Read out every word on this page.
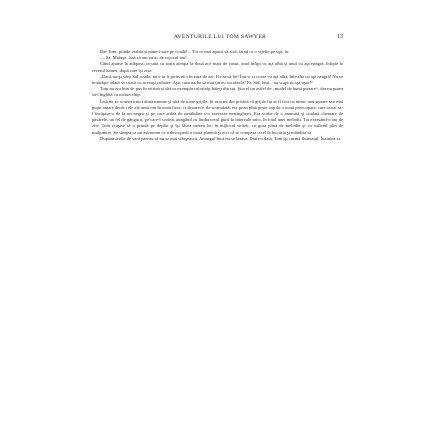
AVENTURILE LUI TOM SAWYER	13

Dar Tom, prinde vrabia şi pune-i sare pe coadă!... Tot ce mai apucă să zică, izind ca o vijelie pe uşă, fu:

— Să, Mătuşe, lasă că am eu ac de cojocul tău!

Când ajunse la adăpost, se uită cu toată atenţia la două ace mari de cusut, unul înfipt cu aţă albă şi unul cu aţă neagră, înfipte la reverul hainei, după care îşi zise:

„Dacă nu-şi vâra Sid coada, nu s-ar fi prins nici în ziua de azi. Fir-ar să fie! Într-o zi coase cu aţă albă, într-alta cu aţă neagră! Nu se hotărăşte odată să coasă cu aceeaşi culoare. Aşa, cum naiba să mai ţin eu socoteala? Ei, Sid, lasă... nu scapi tu aşa uşor!“

Tom nu era bun de pus în vitrină şi dat ca exemplu celorlalţi băieţi din sat. Ştia el un astfel de „model de bună purtare“, dar nu putea să-l înghită cu niciun chip.

Însă nu se scurseră nici două minute şi uită de toate grijile. Şi asta nu din pricină că grijile lui ar fi fost cu nimic mai uşoare sau mai puţin amare decât cele ale unui om în toată firea, ci deoarece, de-ocamdată, era prins pînă peste cap de o nouă preocupare, care aveai să-l învăţase-o de la un negru şi pe care ardea de nerăbdare s-o exerseze nestingherit. Era vorba de o anumită şi ciudată chemare de păsărele, un fel de gângurit, pe care-l scoteai atingând cu limba cerul gurii la intervale mici, în toiul unei melodii. Tot exersând-o ani de zile, Tom reuşise să o prindă pe deplin şi îşi făcea mereu loc în mijlocul străzii, cu gura plină de melodie şi cu sufletul plin de mulţumire. Se simţea ca un astronom ce a descoperit o nouă planetă şi nici că se compara cu el în bucuria şi mândria sa.

Dupăamiezile de vară păreau să nu se mai sfârşească. Amurgul încă nu se lăsase. Dintr-o dată, Tom îşi curmă fluieratul. Înaintea sa
